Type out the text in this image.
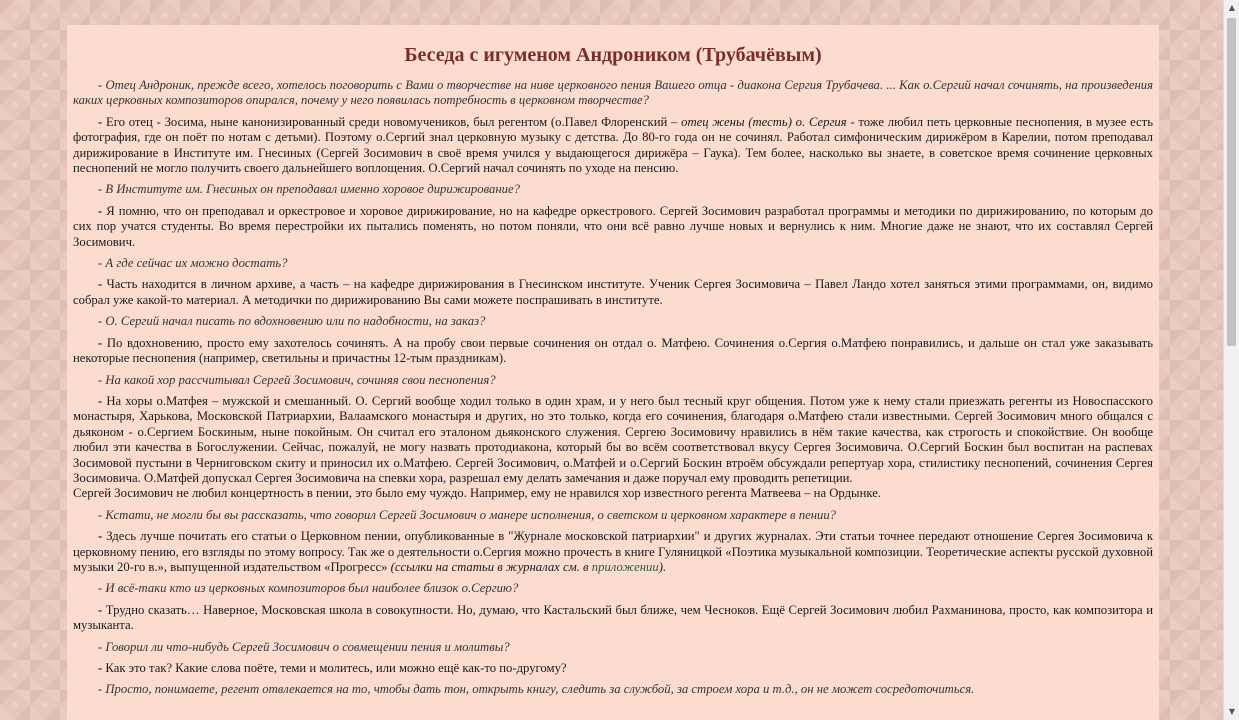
Беседа с игуменом Андроником (Трубачёвым)

- Отец Андроник, прежде всего, хотелось поговорить с Вами о творчестве на ниве церковного пения Вашего отца - диакона Сергия Трубачева. ... Как о.Сергий начал сочинять, на произведения каких церковных композиторов опирался, почему у него появилась потребность в церковном творчестве?

- Его отец - Зосима, ныне канонизированный среди новомучеников, был регентом (о.Павел Флоренский – отец жены (тесть) о. Сергия - тоже любил петь церковные песнопения, в музее есть фотография, где он поёт по нотам с детьми). Поэтому о.Сергий знал церковную музыку с детства. До 80-го года он не сочинял. Работал симфоническим дирижёром в Карелии, потом преподавал дирижирование в Институте им. Гнесиных (Сергей Зосимович в своё время учился у выдающегося дирижёра – Гаука). Тем более, насколько вы знаете, в советское время сочинение церковных песнопений не могло получить своего дальнейшего воплощения. О.Сергий начал сочинять по уходе на пенсию.

- В Институте им. Гнесиных он преподавал именно хоровое дирижирование?

- Я помню, что он преподавал и оркестровое и хоровое дирижирование, но на кафедре оркестрового. Сергей Зосимович разработал программы и методики по дирижированию, по которым до сих пор учатся студенты. Во время перестройки их пытались поменять, но потом поняли, что они всё равно лучше новых и вернулись к ним. Многие даже не знают, что их составлял Сергей Зосимович.

- А где сейчас их можно достать?

- Часть находится в личном архиве, а часть – на кафедре дирижирования в Гнесинском институте. Ученик Сергея Зосимовича – Павел Ландо хотел заняться этими программами, он, видимо собрал уже какой-то материал. А методички по дирижированию Вы сами можете поспрашивать в институте.

- О. Сергий начал писать по вдохновению или по надобности, на заказ?

- По вдохновению, просто ему захотелось сочинять. А на пробу свои первые сочинения он отдал о. Матфею. Сочинения о.Сергия о.Матфею понравились, и дальше он стал уже заказывать некоторые песнопения (например, светильны и причастны 12-тым праздникам).

- На какой хор рассчитывал Сергей Зосимович, сочиняя свои песнопения?

- На хоры о.Матфея – мужской и смешанный. О. Сергий вообще ходил только в один храм, и у него был тесный круг общения. Потом уже к нему стали приезжать регенты из Новоспасского монастыря, Харькова, Московской Патриархии, Валаамского монастыря и других, но это только, когда его сочинения, благодаря о.Матфею стали известными. Сергей Зосимович много общался с дьяконом - о.Сергием Боскиным, ныне покойным. Он считал его эталоном дьяконского служения. Сергею Зосимовичу нравились в нём такие качества, как строгость и спокойствие. Он вообще любил эти качества в Богослужении. Сейчас, пожалуй, не могу назвать протодиакона, который бы во всём соответствовал вкусу Сергея Зосимовича. О.Сергий Боскин был воспитан на распевах Зосимовой пустыни в Черниговском скиту и приносил их о.Матфею. Сергей Зосимович, о.Матфей и о.Сергий Боскин втроём обсуждали репертуар хора, стилистику песнопений, сочинения Сергея Зосимовича. О.Матфей допускал Сергея Зосимовича на спевки хора, разрешал ему делать замечания и даже поручал ему проводить репетиции.

Сергей Зосимович не любил концертность в пении, это было ему чуждо. Например, ему не нравился хор известного регента Матвеева – на Ордынке.

- Кстати, не могли бы вы рассказать, что говорил Сергей Зосимович о манере исполнения, о светском и церковном характере в пении?

- Здесь лучше почитать его статьи о Церковном пении, опубликованные в "Журнале московской патриархии" и других журналах. Эти статьи точнее передают отношение Сергея Зосимовича к церковному пению, его взгляды по этому вопросу. Так же о деятельности о.Сергия можно прочесть в книге Гуляницкой «Поэтика музыкальной композиции. Теоретические аспекты русской духовной музыки 20-го в.», выпущенной издательством «Прогресс» (ссылки на статьи в журналах см. в приложении).

- И всё-таки кто из церковных композиторов был наиболее близок о.Сергию?

- Трудно сказать… Наверное, Московская школа в совокупности. Но, думаю, что Кастальский был ближе, чем Чесноков. Ещё Сергей Зосимович любил Рахманинова, просто, как композитора и музыканта.

- Говорил ли что-нибудь Сергей Зосимович о совмещении пения и молитвы?

- Как это так? Какие слова поёте, теми и молитесь, или можно ещё как-то по-другому?

- Просто, понимаете, регент отвлекается на то, чтобы дать тон, открыть книгу, следить за службой, за строем хора и т.д., он не может сосредоточиться.

▲
▼
